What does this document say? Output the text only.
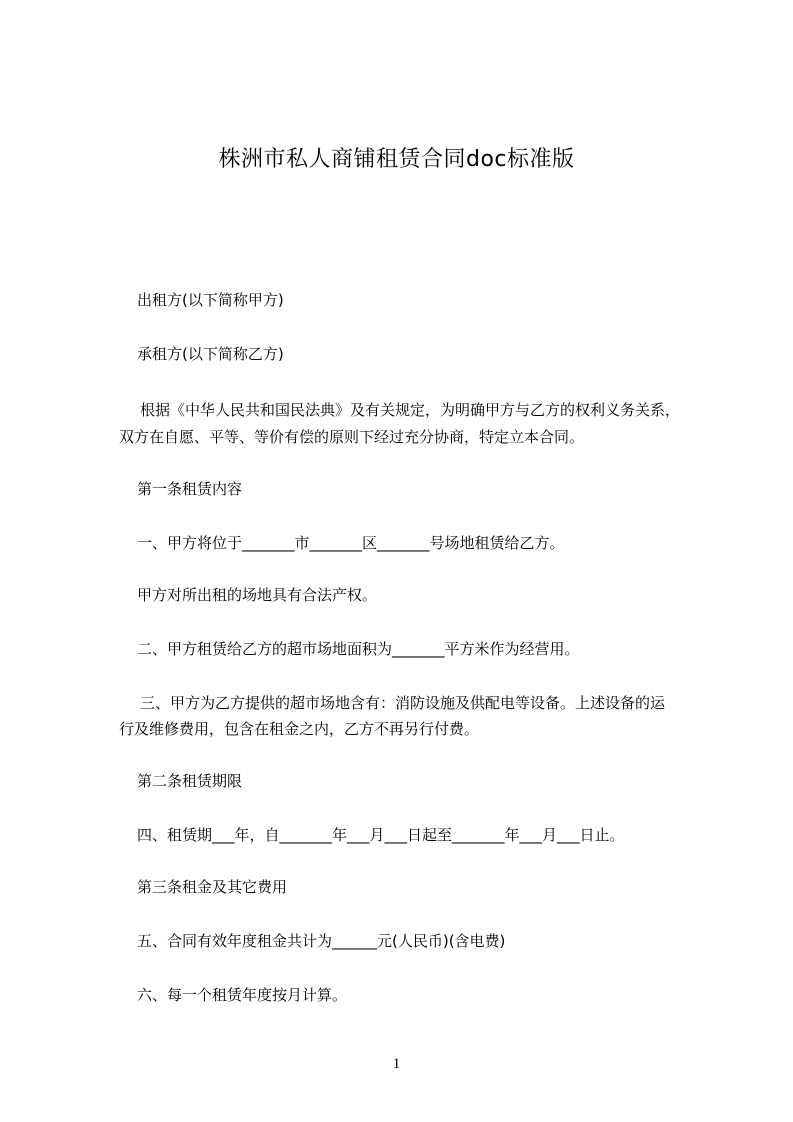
株洲市私人商铺租赁合同doc标准版
出租方(以下简称甲方)
承租方(以下简称乙方)
根据《中华人民共和国民法典》及有关规定，为明确甲方与乙方的权利义务关系，
双方在自愿、平等、等价有偿的原则下经过充分协商，特定立本合同。
第一条租赁内容
一、甲方将位于_______市_______区_______号场地租赁给乙方。
甲方对所出租的场地具有合法产权。
二、甲方租赁给乙方的超市场地面积为_______平方米作为经营用。
三、甲方为乙方提供的超市场地含有：消防设施及供配电等设备。上述设备的运
行及维修费用，包含在租金之内，乙方不再另行付费。
第二条租赁期限
四、租赁期___年，自_______年___月___日起至_______年___月___日止。
第三条租金及其它费用
五、合同有效年度租金共计为______元(人民币)(含电费)
六、每一个租赁年度按月计算。
1
